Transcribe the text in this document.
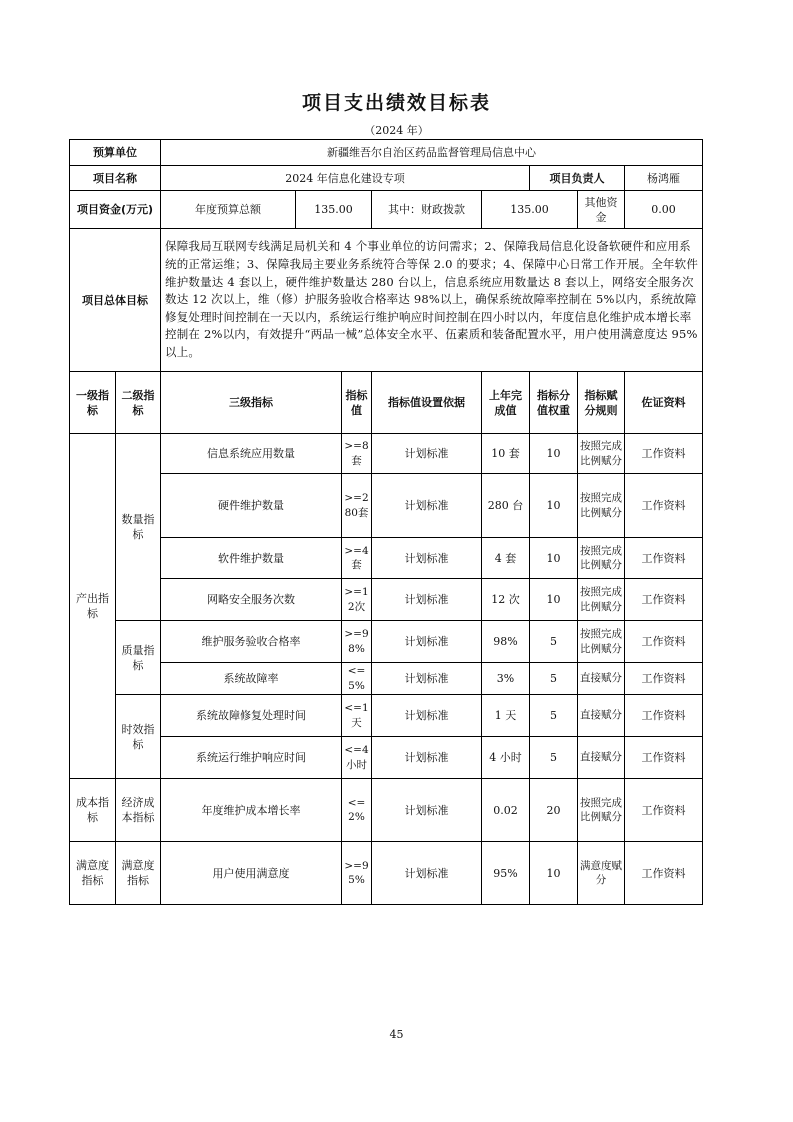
项目支出绩效目标表
（2024 年）
预算单位		新疆维吾尔自治区药品监督管理局信息中心							
项目名称		2024 年信息化建设专项					项目负责人		杨鸿雁
项目资金(万元)		年度预算总额	135.00		其中：财政拨款	135.00		其他资金	0.00
项目总体目标		保障我局互联网专线满足局机关和 4 个事业单位的访问需求；2、保障我局信息化设备软硬件和应用系统的正常运维；3、保障我局主要业务系统符合等保 2.0 的要求；4、保障中心日常工作开展。全年软件维护数量达 4 套以上，硬件维护数量达 280 台以上，信息系统应用数量达 8 套以上，网络安全服务次数达 12 次以上，维（修）护服务验收合格率达 98%以上，确保系统故障率控制在 5%以内，系统故障修复处理时间控制在一天以内，系统运行维护响应时间控制在四小时以内，年度信息化维护成本增长率控制在 2%以内，有效提升“两品一械”总体安全水平、伍素质和装备配置水平，用户使用满意度达 95%以上。							
一级指标	二级指标	三级指标		指标值	指标值设置依据	上年完成值	指标分值权重	指标赋分规则	佐证资料
产出指标	数量指标	信息系统应用数量		>=8套	计划标准	10 套	10	按照完成比例赋分	工作资料
		硬件维护数量		>=280套	计划标准	280 台	10	按照完成比例赋分	工作资料
		软件维护数量		>=4套	计划标准	4 套	10	按照完成比例赋分	工作资料
		网略安全服务次数		>=12次	计划标准	12 次	10	按照完成比例赋分	工作资料
	质量指标	维护服务验收合格率		>=98%	计划标准	98%	5	按照完成比例赋分	工作资料
		系统故障率		<=5%	计划标准	3%	5	直接赋分	工作资料
	时效指标	系统故障修复处理时间		<=1天	计划标准	1 天	5	直接赋分	工作资料
		系统运行维护响应时间		<=4小时	计划标准	4 小时	5	直接赋分	工作资料
成本指标	经济成本指标	年度维护成本增长率		<=2%	计划标准	0.02	20	按照完成比例赋分	工作资料
满意度指标	满意度指标	用户使用满意度		>=95%	计划标准	95%	10	满意度赋分	工作资料
45
